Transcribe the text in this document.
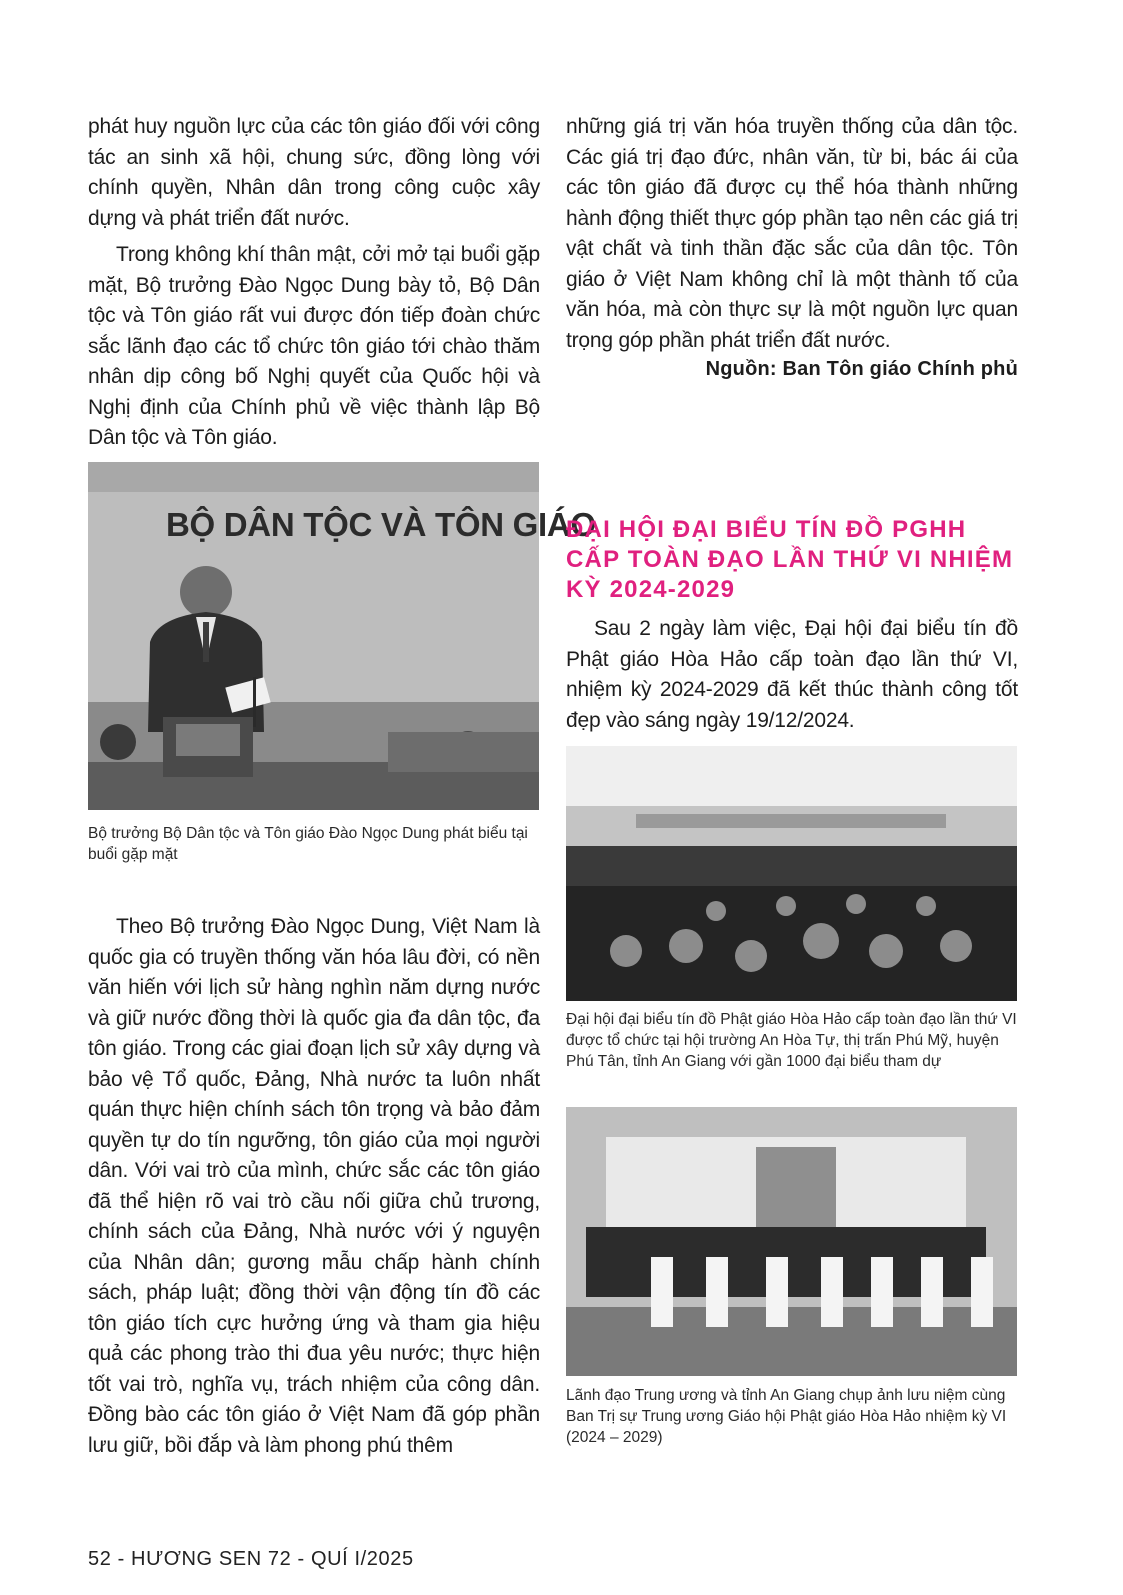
phát huy nguồn lực của các tôn giáo đối với công tác an sinh xã hội, chung sức, đồng lòng với chính quyền, Nhân dân trong công cuộc xây dựng và phát triển đất nước.

Trong không khí thân mật, cởi mở tại buổi gặp mặt, Bộ trưởng Đào Ngọc Dung bày tỏ, Bộ Dân tộc và Tôn giáo rất vui được đón tiếp đoàn chức sắc lãnh đạo các tổ chức tôn giáo tới chào thăm nhân dịp công bố Nghị quyết của Quốc hội và Nghị định của Chính phủ về việc thành lập Bộ Dân tộc và Tôn giáo.

những giá trị văn hóa truyền thống của dân tộc. Các giá trị đạo đức, nhân văn, từ bi, bác ái của các tôn giáo đã được cụ thể hóa thành những hành động thiết thực góp phần tạo nên các giá trị vật chất và tinh thần đặc sắc của dân tộc. Tôn giáo ở Việt Nam không chỉ là một thành tố của văn hóa, mà còn thực sự là một nguồn lực quan trọng góp phần phát triển đất nước.

Nguồn: Ban Tôn giáo Chính phủ
BỘ DÂN TỘC VÀ TÔN GIÁO

Bộ trưởng Bộ Dân tộc và Tôn giáo Đào Ngọc Dung phát biểu tại buổi gặp mặt

Theo Bộ trưởng Đào Ngọc Dung, Việt Nam là quốc gia có truyền thống văn hóa lâu đời, có nền văn hiến với lịch sử hàng nghìn năm dựng nước và giữ nước đồng thời là quốc gia đa dân tộc, đa tôn giáo. Trong các giai đoạn lịch sử xây dựng và bảo vệ Tổ quốc, Đảng, Nhà nước ta luôn nhất quán thực hiện chính sách tôn trọng và bảo đảm quyền tự do tín ngưỡng, tôn giáo của mọi người dân. Với vai trò của mình, chức sắc các tôn giáo đã thể hiện rõ vai trò cầu nối giữa chủ trương, chính sách của Đảng, Nhà nước với ý nguyện của Nhân dân; gương mẫu chấp hành chính sách, pháp luật; đồng thời vận động tín đồ các tôn giáo tích cực hưởng ứng và tham gia hiệu quả các phong trào thi đua yêu nước; thực hiện tốt vai trò, nghĩa vụ, trách nhiệm của công dân. Đồng bào các tôn giáo ở Việt Nam đã góp phần lưu giữ, bồi đắp và làm phong phú thêm

ĐẠI HỘI ĐẠI BIỂU TÍN ĐỒ PGHH CẤP TOÀN ĐẠO LẦN THỨ VI NHIỆM KỲ 2024-2029

Sau 2 ngày làm việc, Đại hội đại biểu tín đồ Phật giáo Hòa Hảo cấp toàn đạo lần thứ VI, nhiệm kỳ 2024-2029 đã kết thúc thành công tốt đẹp vào sáng ngày 19/12/2024.

Đại hội đại biểu tín đồ Phật giáo Hòa Hảo cấp toàn đạo lần thứ VI được tổ chức tại hội trường An Hòa Tự, thị trấn Phú Mỹ, huyện Phú Tân, tỉnh An Giang với gần 1000 đại biểu tham dự

Lãnh đạo Trung ương và tỉnh An Giang chụp ảnh lưu niệm cùng Ban Trị sự Trung ương Giáo hội Phật giáo Hòa Hảo nhiệm kỳ VI (2024 – 2029)

52 - HƯƠNG SEN 72 - QUÍ I/2025
